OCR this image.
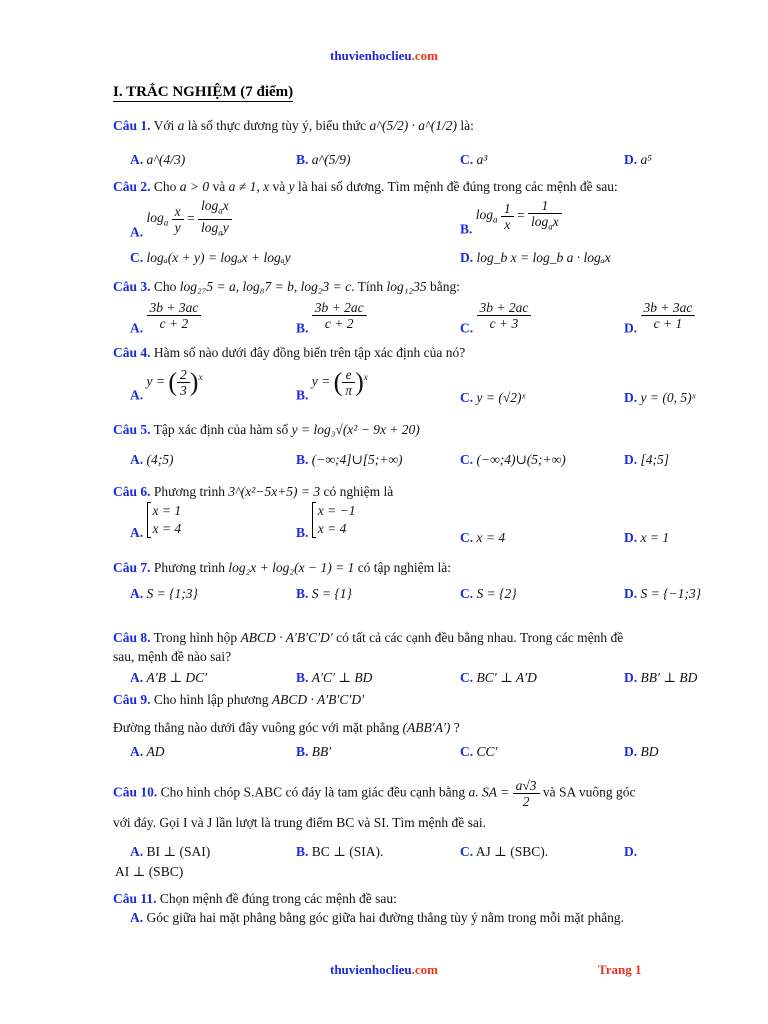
thuvienhoclieu.com
I. TRẮC NGHIỆM (7 điểm)
Câu 1. Với a là số thực dương tùy ý, biểu thức a^(5/2) · a^(1/2) là:
A. a^(4/3)	B. a^(5/9)	C. a³	D. a⁵
Câu 2. Cho a > 0 và a ≠ 1, x và y là hai số dương. Tìm mệnh đề đúng trong các mệnh đề sau:
A. $\log_a \frac{x}{y} = \frac{\log_ax}{\log_ay}$	B. $\log_a \frac{1}{x} = \frac{1}{\log_ax}$
C. logₐ(x + y) = logₐx + logₐy	D. log_b x = log_b a · logₐx
Câu 3. Cho log₂₇5 = a, log₈7 = b, log₂3 = c. Tính log₁₂35 bằng:
A. $\frac{3b + 3ac}{c + 2}$	B. $\frac{3b + 2ac}{c + 2}$	C. $\frac{3b + 2ac}{c + 3}$	D. $\frac{3b + 3ac}{c + 1}$
Câu 4. Hàm số nào dưới đây đồng biến trên tập xác định của nó?
A. y = ( $\frac{2}{3} )^x$
B. y = ( $\frac{e}{\pi} )^x$
C. y = (√2)ˣ	D. y = (0, 5)ˣ
Câu 5. Tập xác định của hàm số y = log₃√(x² − 9x + 20)
A. (4;5)	B. (−∞;4]∪[5;+∞)	C. (−∞;4)∪(5;+∞)	D. [4;5]
Câu 6. Phương trình 3^(x²−5x+5) = 3 có nghiệm là
A. x = 1
x = 4	B. x = −1
x = 4
C. x = 4	D. x = 1
Câu 7. Phương trình log₂x + log₂(x − 1) = 1 có tập nghiệm là:
A. S = {1;3}	B. S = {1}	C. S = {2}	D. S = {−1;3}
Câu 8. Trong hình hộp ABCD · A′B′C′D′ có tất cả các cạnh đều bằng nhau. Trong các mệnh đề
sau, mệnh đề nào sai?
A. A′B ⊥ DC′	B. A′C′ ⊥ BD	C. BC′ ⊥ A′D	D. BB′ ⊥ BD
Câu 9. Cho hình lập phương ABCD · A′B′C′D′
Đường thẳng nào dưới đây vuông góc với mặt phẳng (ABB′A′) ?
A. AD	B. BB′	C. CC′	D. BD
Câu 10. Cho hình chóp S.ABC có đáy là tam giác đều cạnh bằng a. SA = $\frac{a√3}{2}$ và SA vuông góc
với đáy. Gọi I và J lần lượt là trung điểm BC và SI. Tìm mệnh đề sai.
A. BI ⊥ (SAI)	B. BC ⊥ (SIA).	C. AJ ⊥ (SBC).	D.
AI ⊥ (SBC)
Câu 11. Chọn mệnh đề đúng trong các mệnh đề sau:
A. Góc giữa hai mặt phẳng bằng góc giữa hai đường thẳng tùy ý nằm trong mỗi mặt phẳng.
thuvienhoclieu.com	Trang 1
